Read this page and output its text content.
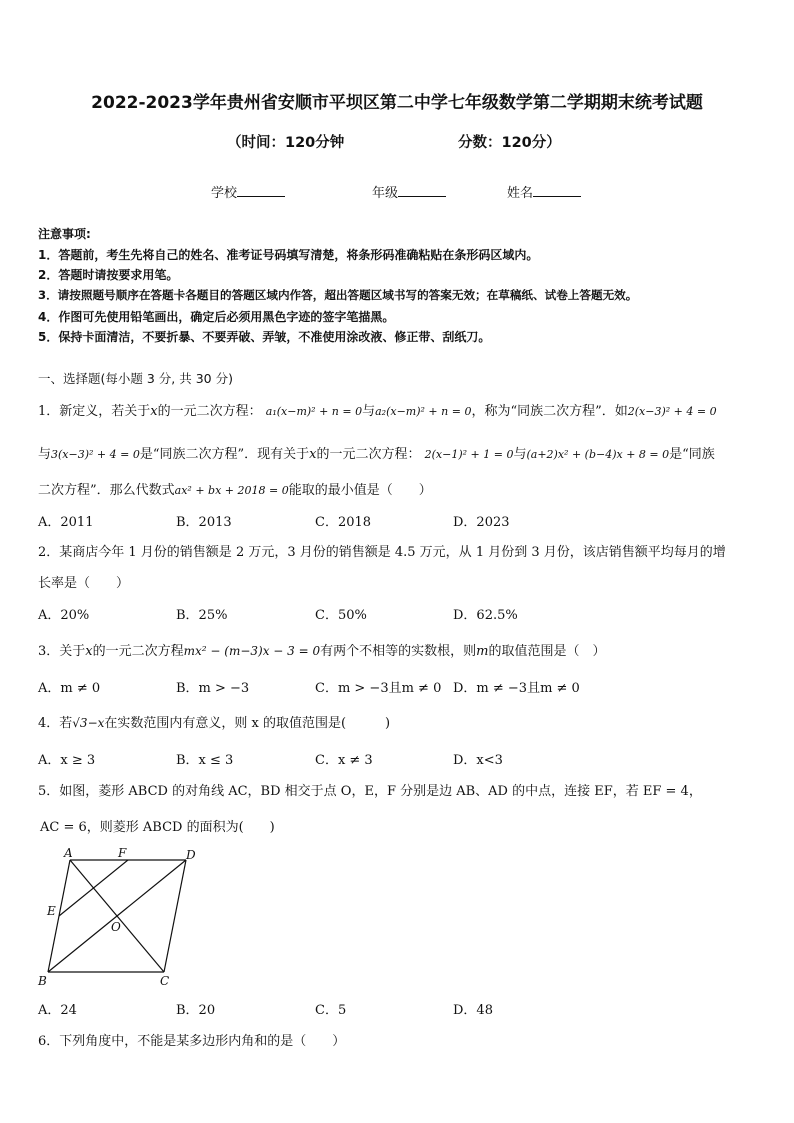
2022-2023学年贵州省安顺市平坝区第二中学七年级数学第二学期期末统考试题
（时间：120分钟	分数：120分）
学校	年级	姓名
注意事项:
1．答题前，考生先将自己的姓名、准考证号码填写清楚，将条形码准确粘贴在条形码区域内。
2．答题时请按要求用笔。
3．请按照题号顺序在答题卡各题目的答题区域内作答，超出答题区域书写的答案无效；在草稿纸、试卷上答题无效。
4．作图可先使用铅笔画出，确定后必须用黑色字迹的签字笔描黑。
5．保持卡面清洁，不要折暴、不要弄破、弄皱，不准使用涂改液、修正带、刮纸刀。
一、选择题(每小题 3 分, 共 30 分)
1．新定义，若关于x的一元二次方程： a₁(x−m)² + n = 0与a₂(x−m)² + n = 0，称为“同族二次方程”．如2(x−3)² + 4 = 0
与3(x−3)² + 4 = 0是“同族二次方程”．现有关于x的一元二次方程： 2(x−1)² + 1 = 0与(a+2)x² + (b−4)x + 8 = 0是“同族
二次方程”．那么代数式ax² + bx + 2018 = 0能取的最小值是（　　）
A．2011	B．2013	C．2018	D．2023
2．某商店今年 1 月份的销售额是 2 万元，3 月份的销售额是 4.5 万元，从 1 月份到 3 月份，该店销售额平均每月的增
长率是（　　）
A．20%	B．25%	C．50%	D．62.5%
3．关于x的一元二次方程mx² − (m−3)x − 3 = 0有两个不相等的实数根，则m的取值范围是（　）
A．m ≠ 0	B．m > −3	C．m > −3且m ≠ 0 D．m ≠ −3且m ≠ 0
4．若√3−x在实数范围内有意义，则 x 的取值范围是(　　　)
A．x ≥ 3	B．x ≤ 3	C．x ≠ 3	D．x<3
5．如图，菱形 ABCD 的对角线 AC，BD 相交于点 O，E，F 分别是边 AB、AD 的中点，连接 EF，若 EF = 4，
AC = 6，则菱形 ABCD 的面积为(　　)
A	F	D
E
O
B	C
A．24	B．20	C．5	D．48
6．下列角度中，不能是某多边形内角和的是（　　）
